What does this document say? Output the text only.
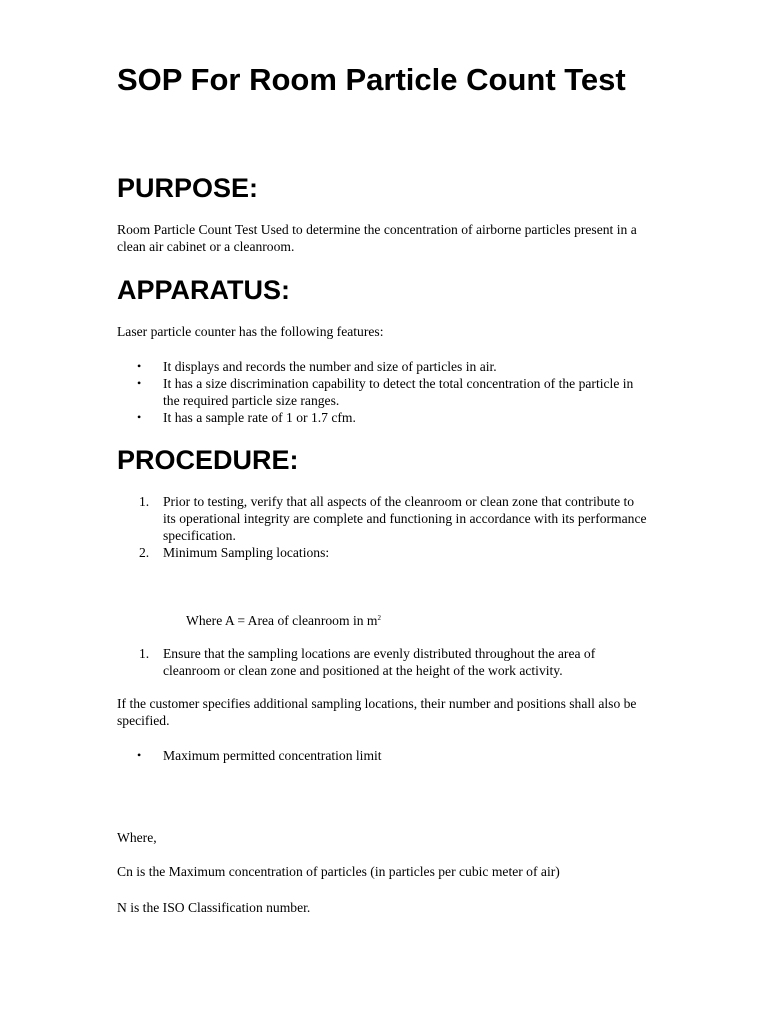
SOP For Room Particle Count Test
PURPOSE:

Room Particle Count Test Used to determine the concentration of airborne particles present in a clean air cabinet or a cleanroom.

APPARATUS:

Laser particle counter has the following features:

• It displays and records the number and size of particles in air.
• It has a size discrimination capability to detect the total concentration of the particle in the required particle size ranges.
• It has a sample rate of 1 or 1.7 cfm.
PROCEDURE:
1. Prior to testing, verify that all aspects of the cleanroom or clean zone that contribute to its operational integrity are complete and functioning in accordance with its performance specification.
2. Minimum Sampling locations:

Where A = Area of cleanroom in $m^2$

1. Ensure that the sampling locations are evenly distributed throughout the area of cleanroom or clean zone and positioned at the height of the work activity.

If the customer specifies additional sampling locations, their number and positions shall also be specified.

• Maximum permitted concentration limit

Where,

Cn is the Maximum concentration of particles (in particles per cubic meter of air)

N is the ISO Classification number.
